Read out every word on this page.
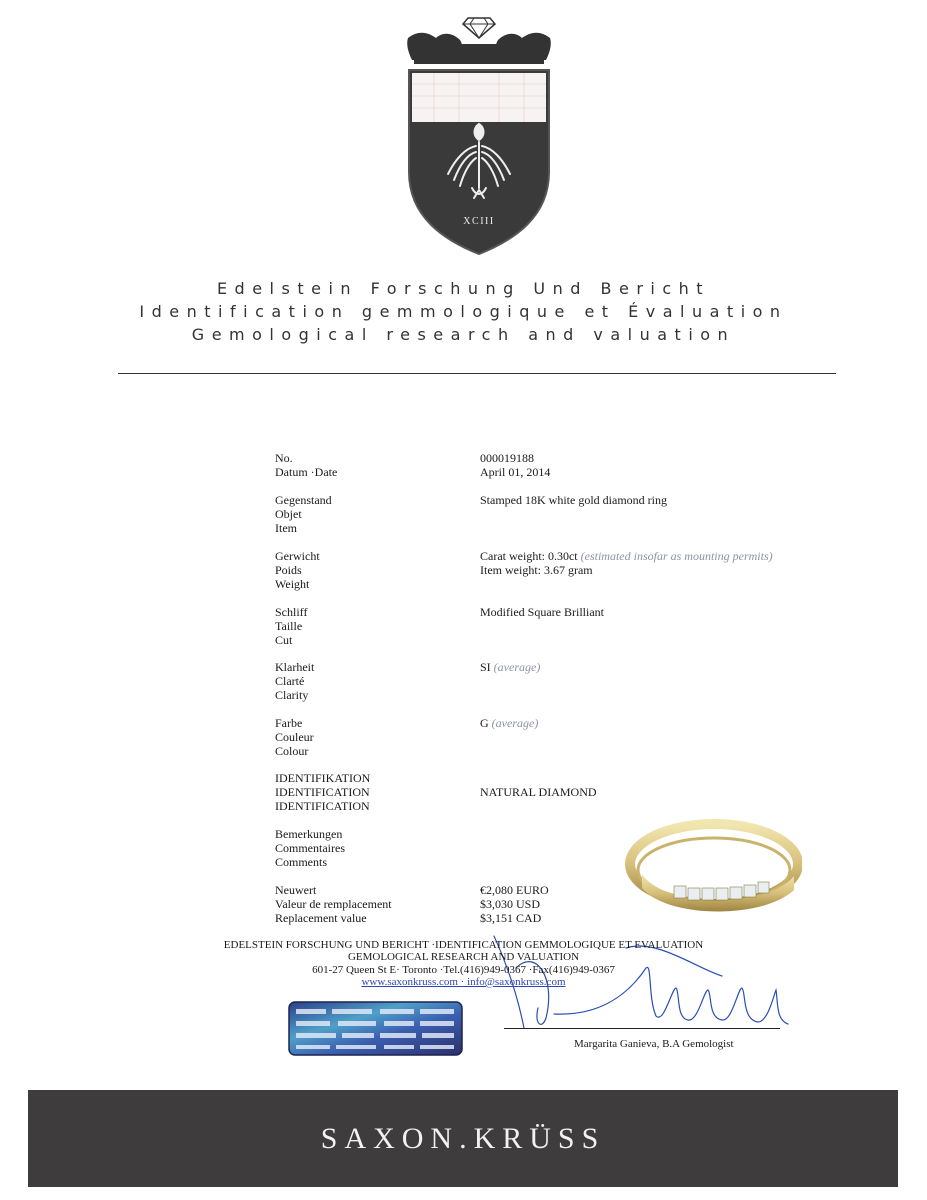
XCIII
Edelstein Forschung Und Bericht
Identification gemmologique et Évaluation
Gemological research and valuation
No.
Datum ·Date
000019188
April 01, 2014
Gegenstand
Objet
Item
Stamped 18K white gold diamond ring
Gerwicht
Poids
Weight
Carat weight: 0.30ct (estimated insofar as mounting permits)
Item weight: 3.67 gram
Schliff
Taille
Cut
Modified Square Brilliant
Klarheit
Clarté
Clarity
SI (average)
Farbe
Couleur
Colour
G (average)
IDENTIFIKATION
IDENTIFICATION
IDENTIFICATION
NATURAL DIAMOND
Bemerkungen
Commentaires
Comments
Neuwert
Valeur de remplacement
Replacement value
€2,080 EURO
$3,030 USD
$3,151 CAD
EDELSTEIN FORSCHUNG UND BERICHT ·IDENTIFICATION GEMMOLOGIQUE ET EVALUATION
GEMOLOGICAL RESEARCH AND VALUATION
601-27 Queen St E· Toronto ·Tel.(416)949-0367 ·Fax(416)949-0367
www.saxonkruss.com · info@saxonkruss.com
Margarita Ganieva, B.A Gemologist
SAXON.KRÜSS
